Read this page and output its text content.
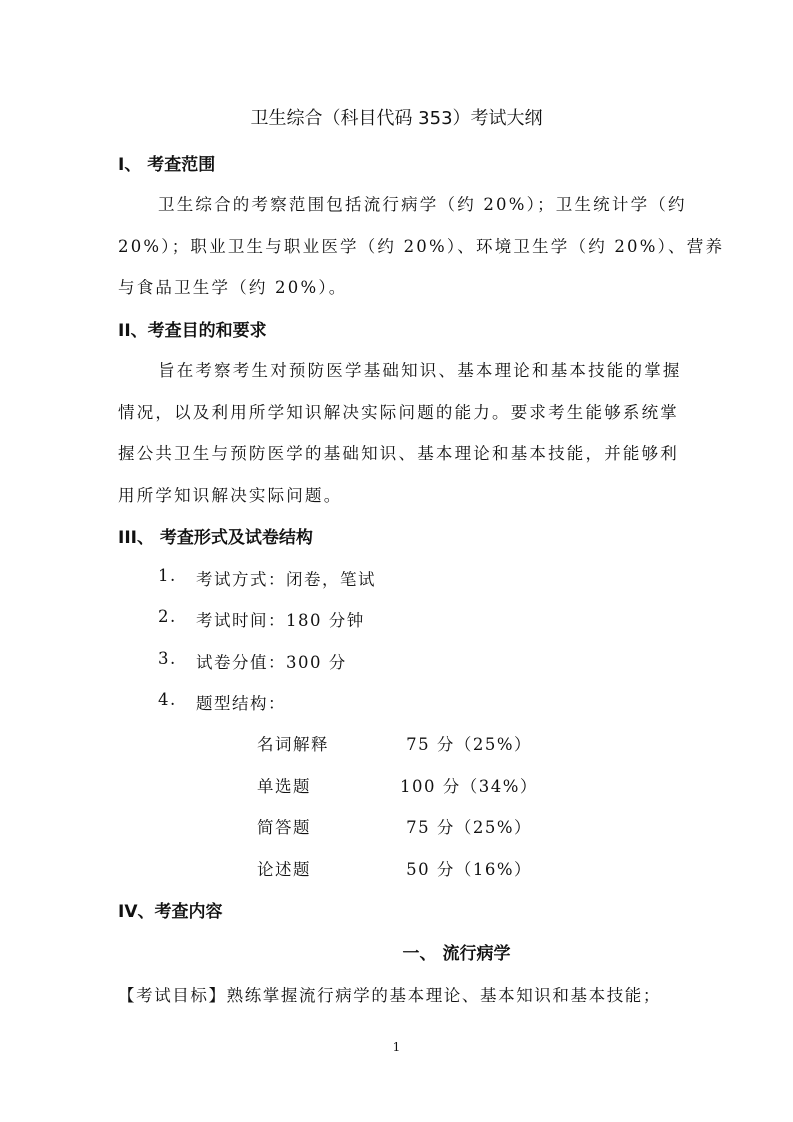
卫生综合（科目代码 353）考试大纲
I、 考查范围
卫生综合的考察范围包括流行病学（约 20%）；卫生统计学（约
20%）；职业卫生与职业医学（约 20%）、环境卫生学（约 20%）、营养
与食品卫生学（约 20%）。
II、考查目的和要求
旨在考察考生对预防医学基础知识、基本理论和基本技能的掌握
情况，以及利用所学知识解决实际问题的能力。要求考生能够系统掌
握公共卫生与预防医学的基础知识、基本理论和基本技能，并能够利
用所学知识解决实际问题。
III、 考查形式及试卷结构
1. 考试方式：闭卷，笔试
2. 考试时间：180 分钟
3. 试卷分值：300 分
4. 题型结构：
名词解释	75 分（25%）
单选题	100 分（34%）
简答题	75 分（25%）
论述题	50 分（16%）
IV、考查内容
一、 流行病学
【考试目标】熟练掌握流行病学的基本理论、基本知识和基本技能；
1
